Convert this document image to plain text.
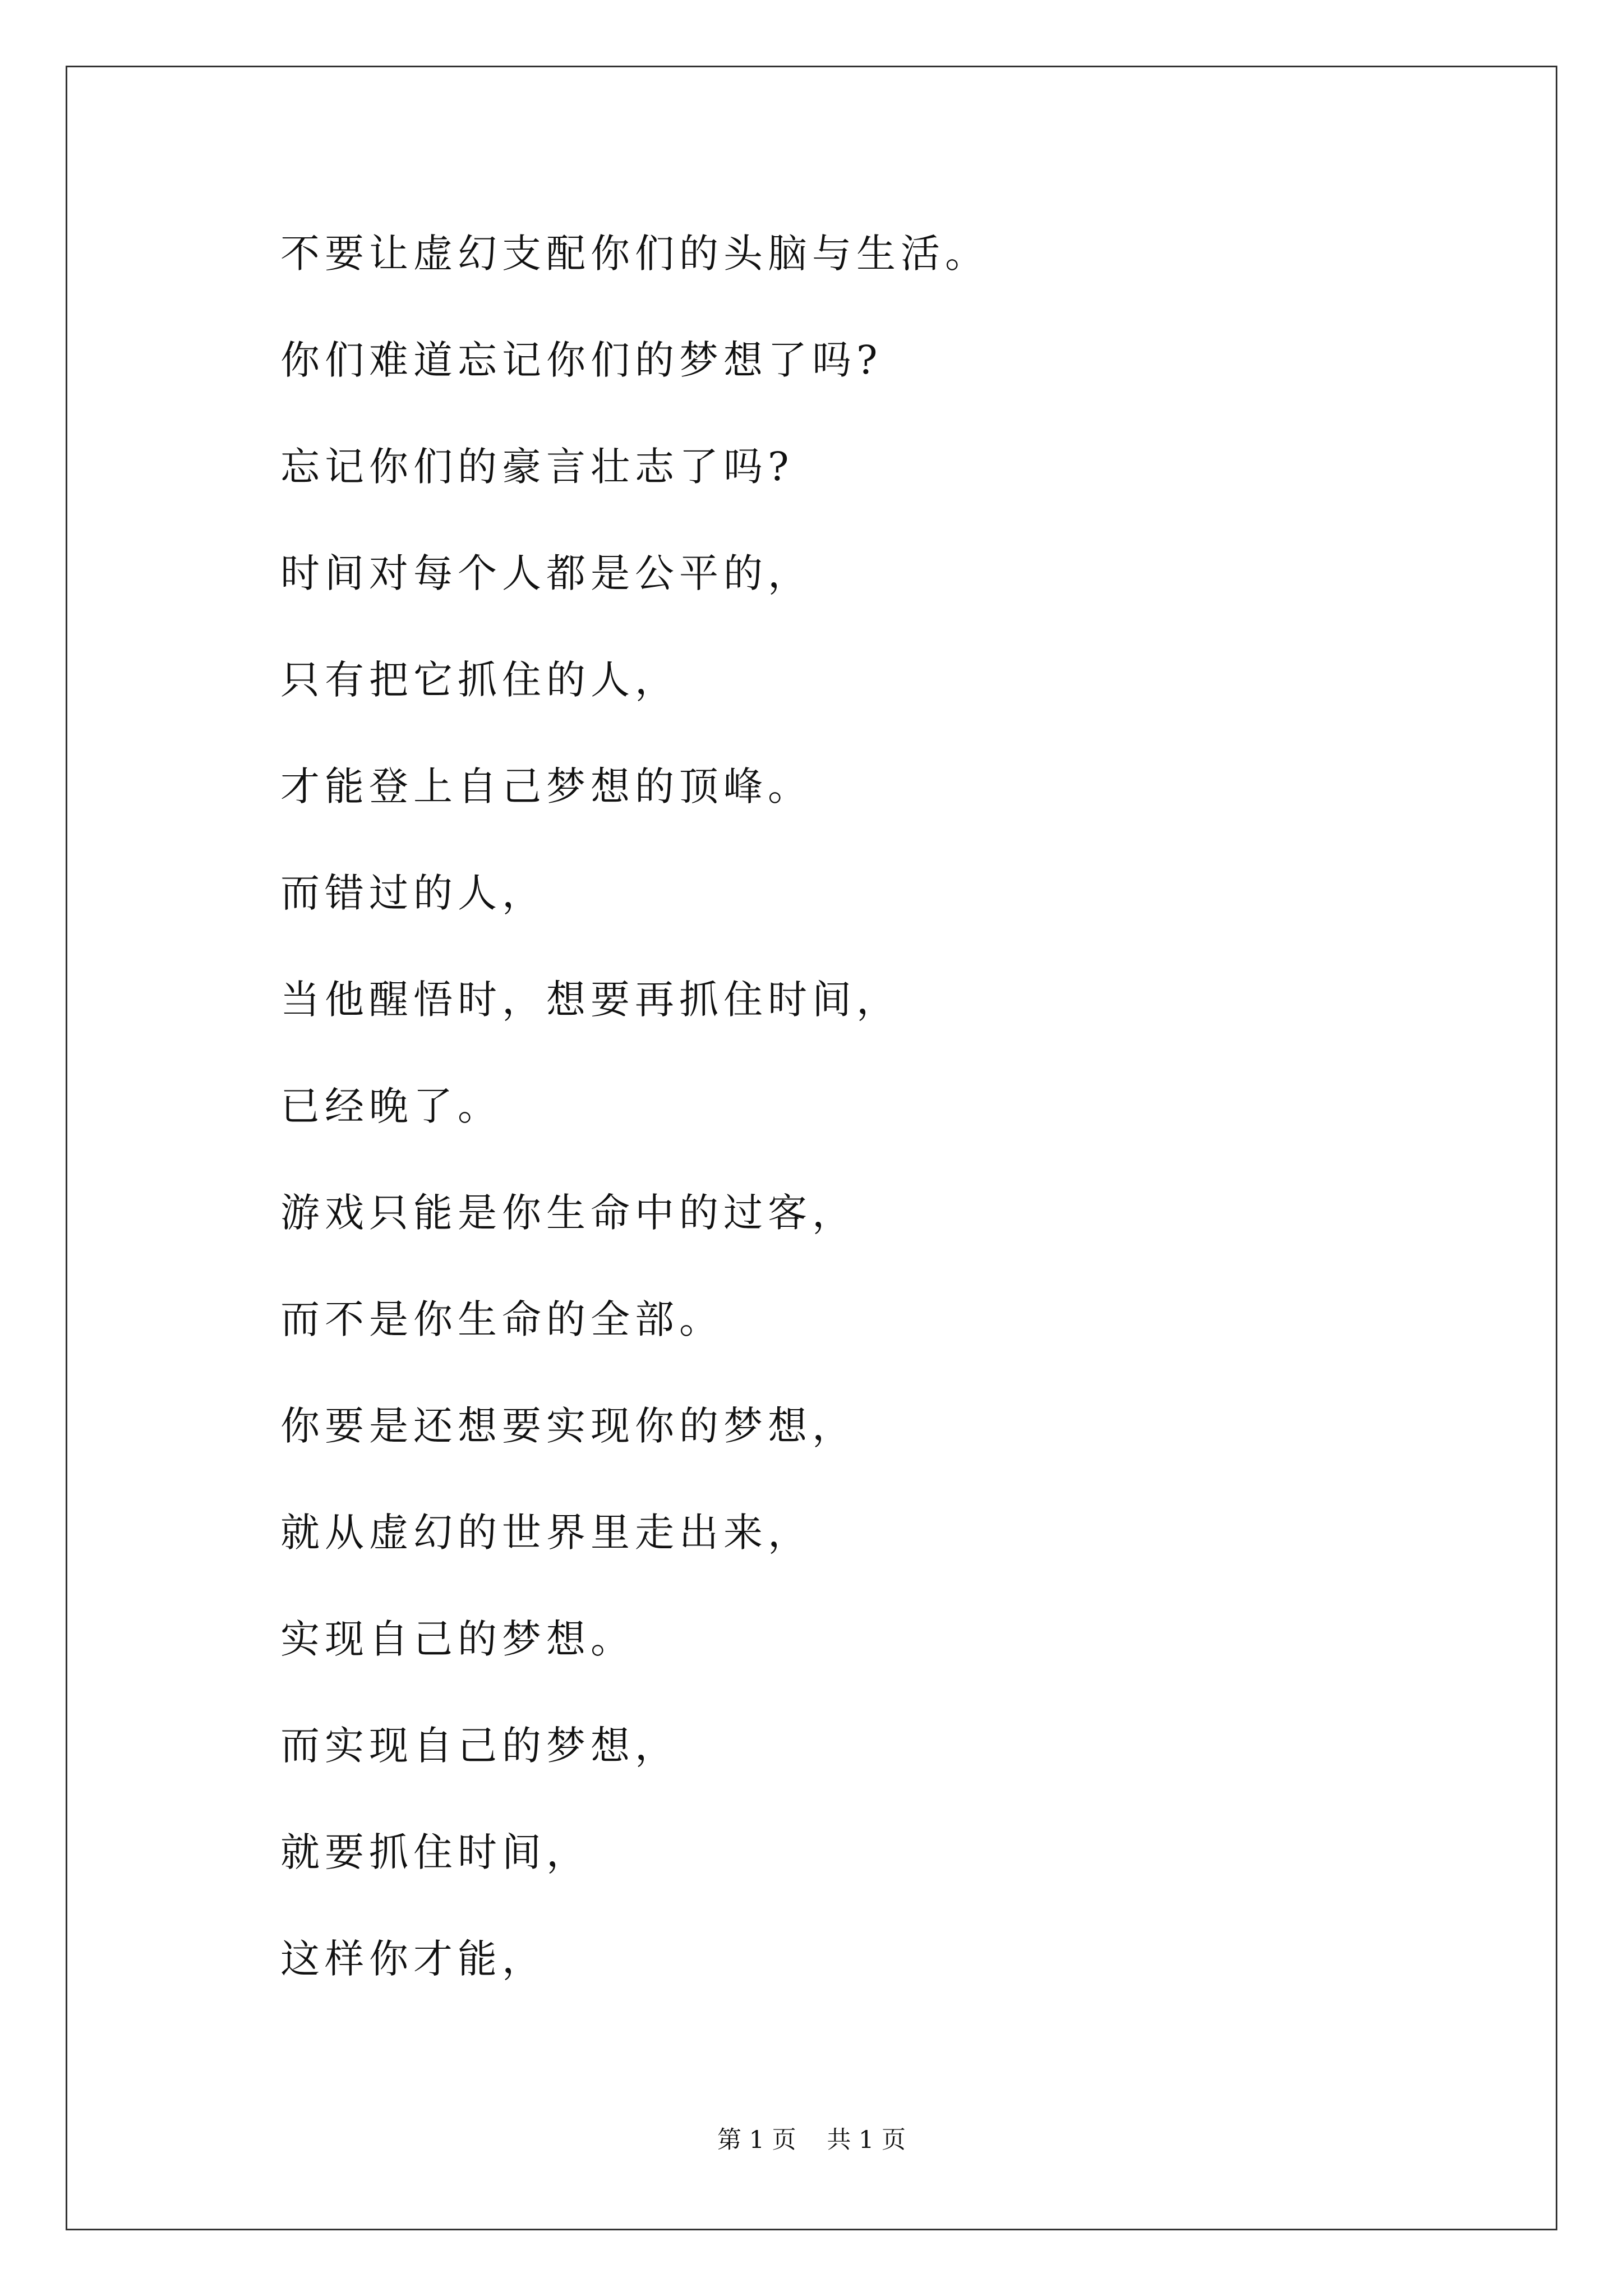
不要让虚幻支配你们的头脑与生活。
你们难道忘记你们的梦想了吗?
忘记你们的豪言壮志了吗?
时间对每个人都是公平的，
只有把它抓住的人，
才能登上自己梦想的顶峰。
而错过的人，
当他醒悟时，想要再抓住时间，
已经晚了。
游戏只能是你生命中的过客，
而不是你生命的全部。
你要是还想要实现你的梦想，
就从虚幻的世界里走出来，
实现自己的梦想。
而实现自己的梦想，
就要抓住时间，
这样你才能，
第 1 页    共 1 页
